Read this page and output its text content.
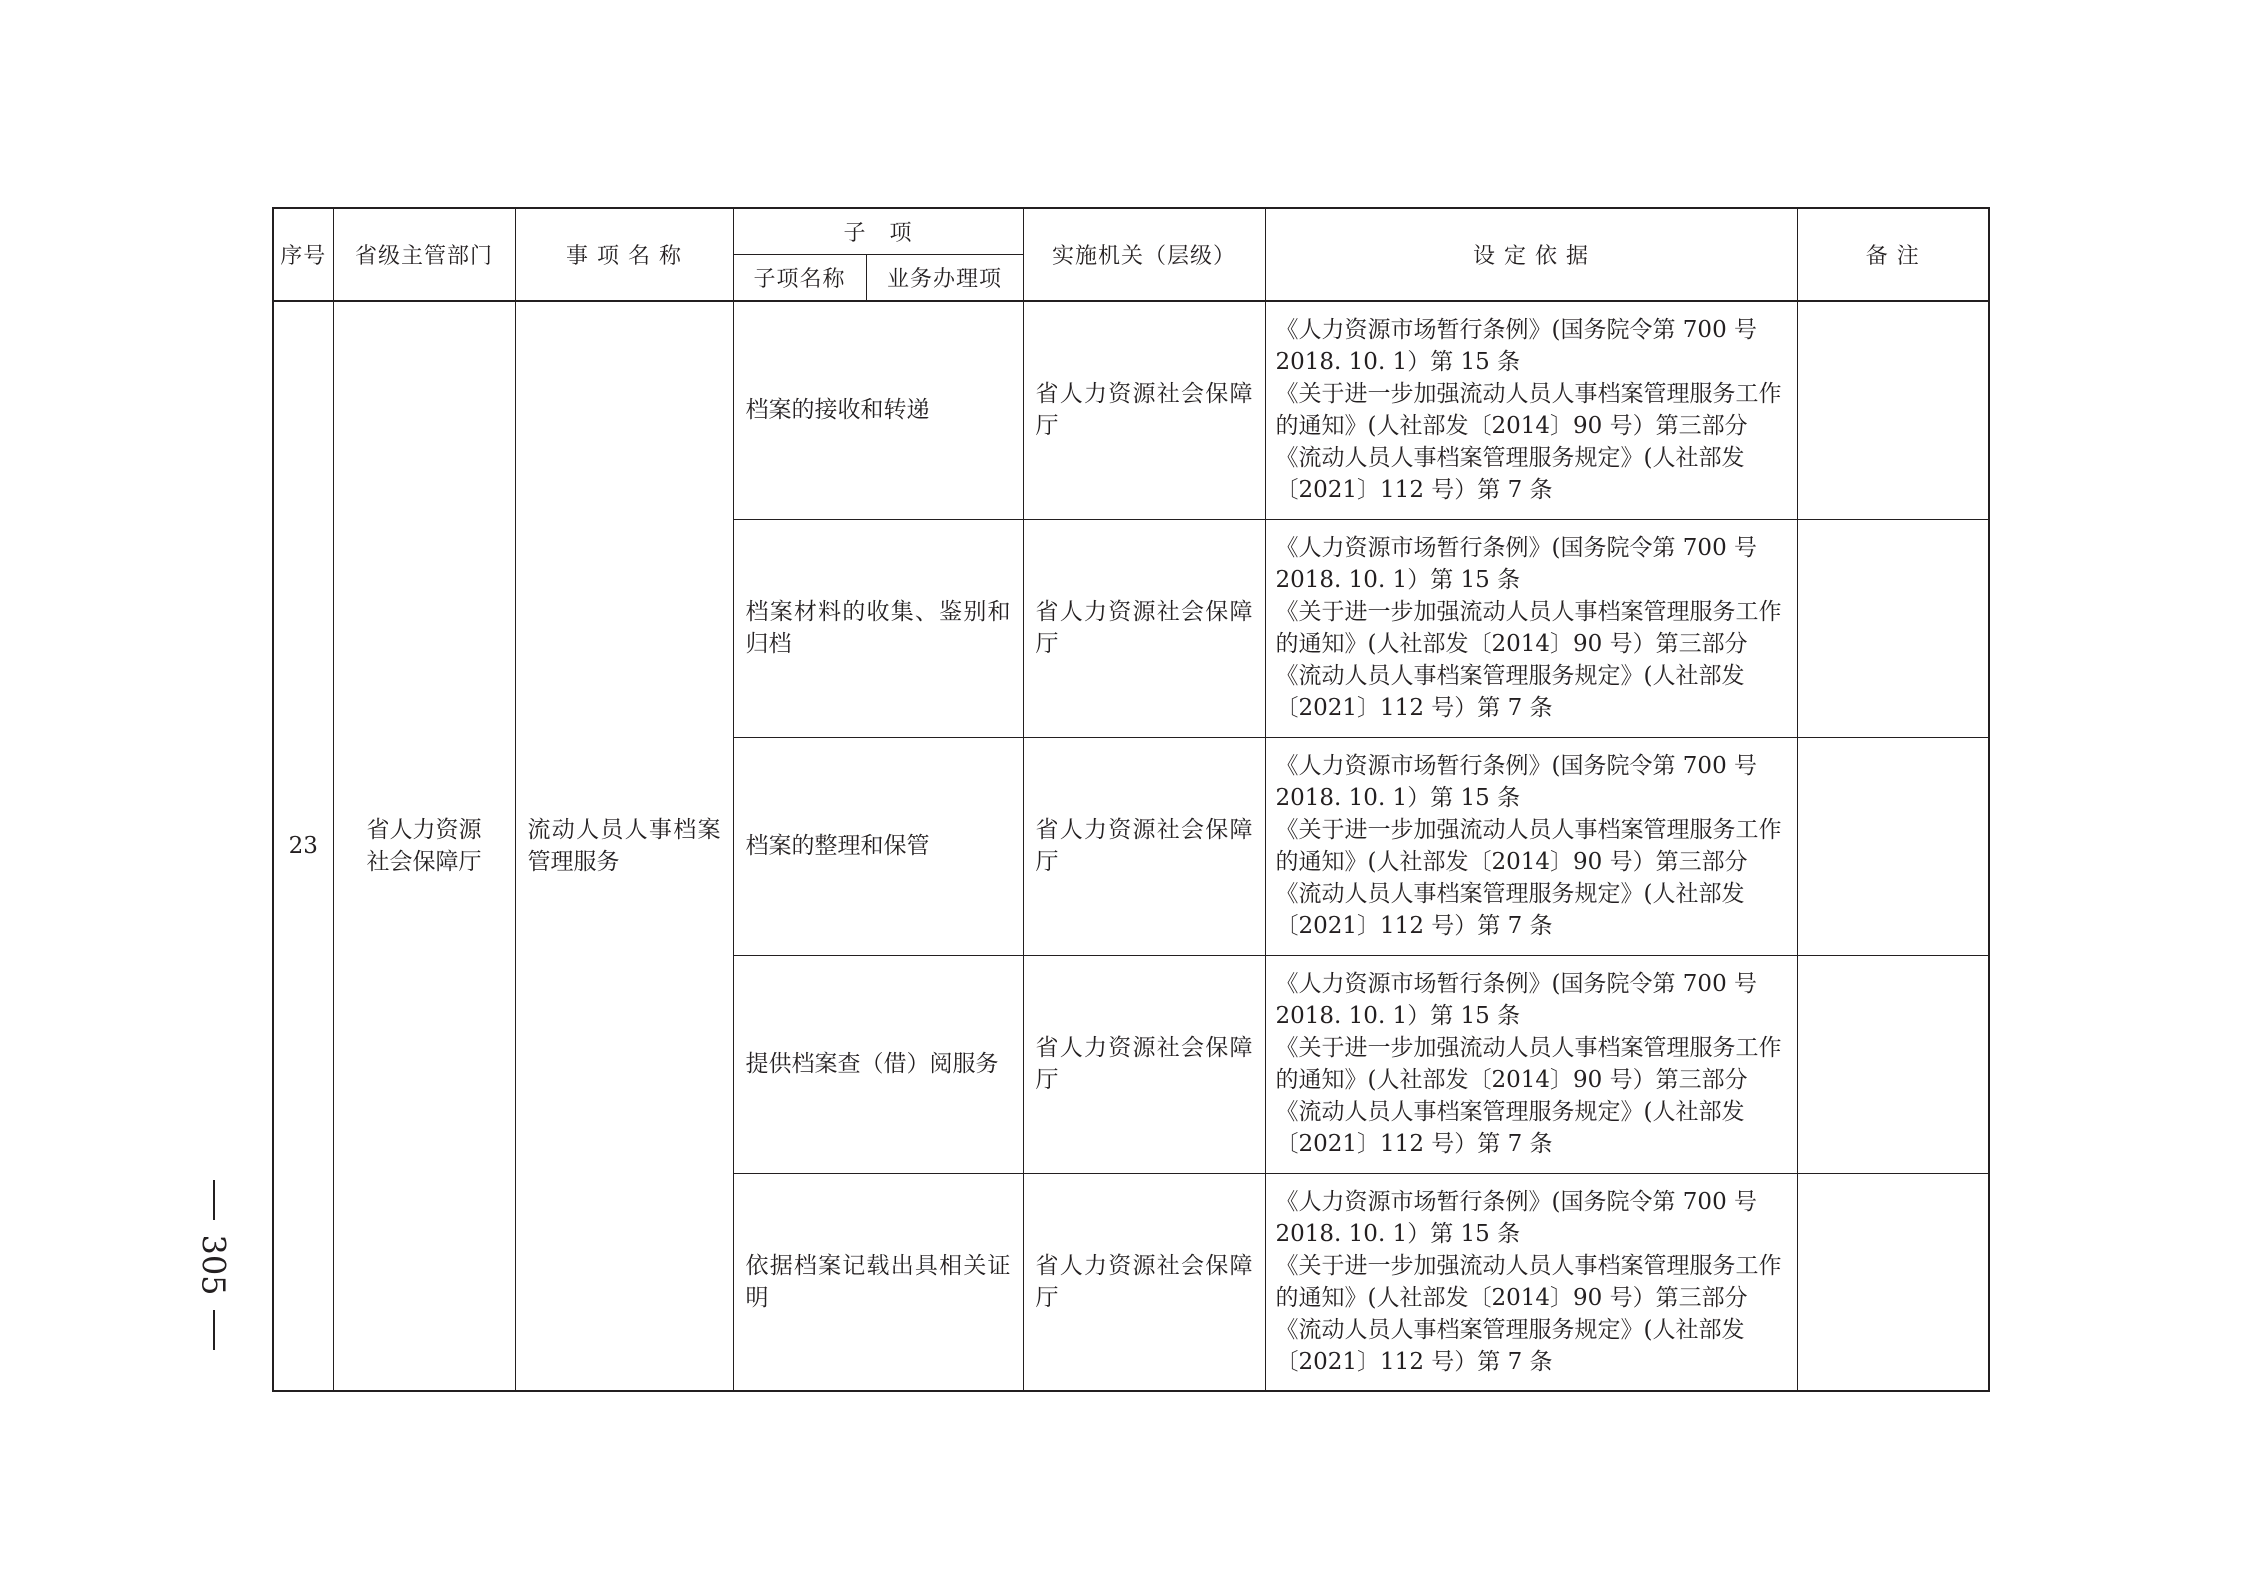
序号	省级主管部门	事 项 名 称	子　项		实施机关（层级）	设 定 依 据	备 注
			子项名称	业务办理项			
23	省人力资源社会保障厅	流动人员人事档案管理服务	档案的接收和转递		省人力资源社会保障厅	《人力资源市场暂行条例》(国务院令第 700 号 2018. 10. 1）第 15 条
《关于进一步加强流动人员人事档案管理服务工作的通知》(人社部发〔2014〕90 号）第三部分
《流动人员人事档案管理服务规定》(人社部发〔2021〕112 号）第 7 条	
			档案材料的收集、鉴别和归档		省人力资源社会保障厅	《人力资源市场暂行条例》(国务院令第 700 号 2018. 10. 1）第 15 条
《关于进一步加强流动人员人事档案管理服务工作的通知》(人社部发〔2014〕90 号）第三部分
《流动人员人事档案管理服务规定》(人社部发〔2021〕112 号）第 7 条	
			档案的整理和保管		省人力资源社会保障厅	《人力资源市场暂行条例》(国务院令第 700 号 2018. 10. 1）第 15 条
《关于进一步加强流动人员人事档案管理服务工作的通知》(人社部发〔2014〕90 号）第三部分
《流动人员人事档案管理服务规定》(人社部发〔2021〕112 号）第 7 条	
			提供档案查（借）阅服务		省人力资源社会保障厅	《人力资源市场暂行条例》(国务院令第 700 号 2018. 10. 1）第 15 条
《关于进一步加强流动人员人事档案管理服务工作的通知》(人社部发〔2014〕90 号）第三部分
《流动人员人事档案管理服务规定》(人社部发〔2021〕112 号）第 7 条	
			依据档案记载出具相关证明		省人力资源社会保障厅	《人力资源市场暂行条例》(国务院令第 700 号 2018. 10. 1）第 15 条
《关于进一步加强流动人员人事档案管理服务工作的通知》(人社部发〔2014〕90 号）第三部分
《流动人员人事档案管理服务规定》(人社部发〔2021〕112 号）第 7 条	
305
